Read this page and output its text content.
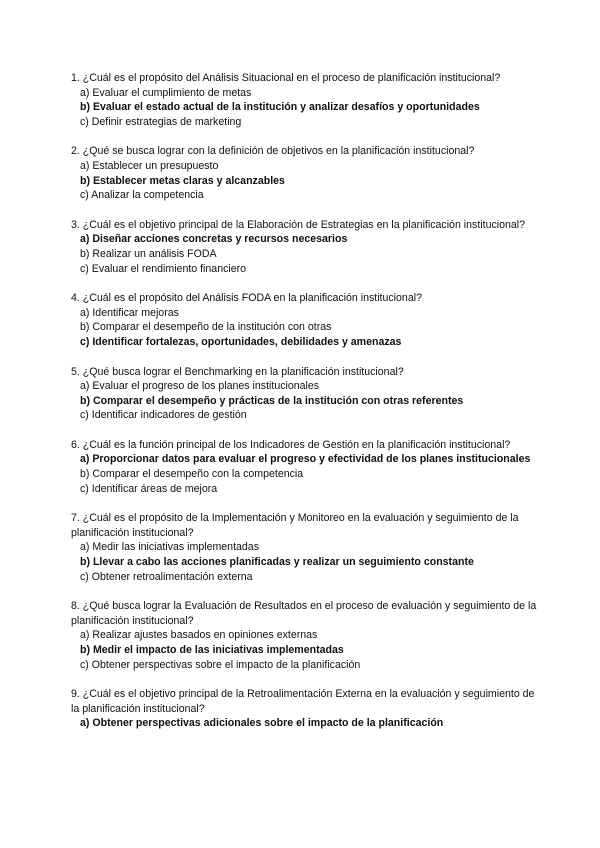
1. ¿Cuál es el propósito del Análisis Situacional en el proceso de planificación institucional?

a) Evaluar el cumplimiento de metas

b) Evaluar el estado actual de la institución y analizar desafíos y oportunidades

c) Definir estrategias de marketing

2. ¿Qué se busca lograr con la definición de objetivos en la planificación institucional?

a) Establecer un presupuesto

b) Establecer metas claras y alcanzables

c) Analizar la competencia

3. ¿Cuál es el objetivo principal de la Elaboración de Estrategias en la planificación institucional?

a) Diseñar acciones concretas y recursos necesarios

b) Realizar un análisis FODA

c) Evaluar el rendimiento financiero

4. ¿Cuál es el propósito del Análisis FODA en la planificación institucional?

a) Identificar mejoras

b) Comparar el desempeño de la institución con otras

c) Identificar fortalezas, oportunidades, debilidades y amenazas

5. ¿Qué busca lograr el Benchmarking en la planificación institucional?

a) Evaluar el progreso de los planes institucionales

b) Comparar el desempeño y prácticas de la institución con otras referentes

c) Identificar indicadores de gestión

6. ¿Cuál es la función principal de los Indicadores de Gestión en la planificación institucional?

a) Proporcionar datos para evaluar el progreso y efectividad de los planes institucionales

b) Comparar el desempeño con la competencia

c) Identificar áreas de mejora

7. ¿Cuál es el propósito de la Implementación y Monitoreo en la evaluación y seguimiento de la planificación institucional?

a) Medir las iniciativas implementadas

b) Llevar a cabo las acciones planificadas y realizar un seguimiento constante

c) Obtener retroalimentación externa

8. ¿Qué busca lograr la Evaluación de Resultados en el proceso de evaluación y seguimiento de la planificación institucional?

a) Realizar ajustes basados en opiniones externas

b) Medir el impacto de las iniciativas implementadas

c) Obtener perspectivas sobre el impacto de la planificación

9. ¿Cuál es el objetivo principal de la Retroalimentación Externa en la evaluación y seguimiento de la planificación institucional?

a) Obtener perspectivas adicionales sobre el impacto de la planificación
